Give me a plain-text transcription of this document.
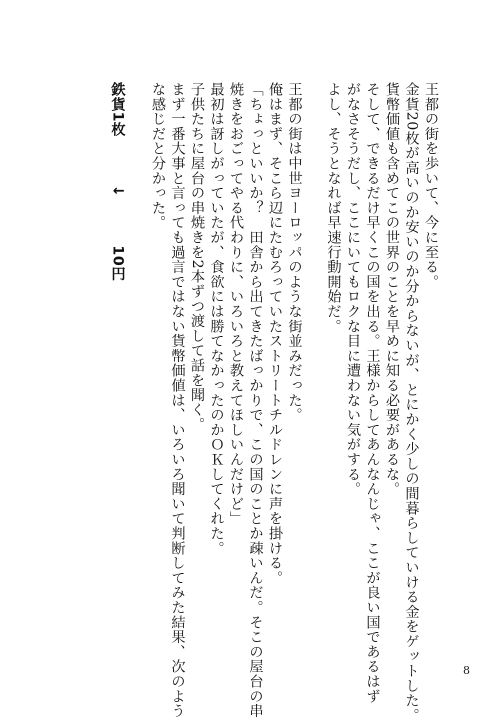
王都の街を歩いて、今に至る。
金貨20枚が高いのか安いのか分からないが、とにかく少しの間暮らしていける金をゲットした。
貨幣価値も含めてこの世界のことを早めに知る必要があるな。
そして、できるだけ早くこの国を出る。王様からしてあんなんじゃ、ここが良い国であるはず
がなさそうだし、ここにいてもロクな目に遭わない気がする。
よし、そうとなれば早速行動開始だ。
王都の街は中世ヨーロッパのような街並みだった。
俺はまず、そこら辺にたむろっていたストリートチルドレンに声を掛ける。
「ちょっといいか？　田舎から出てきたばっかりで、この国のことか疎いんだ。そこの屋台の串
焼きをおごってやる代わりに、いろいろと教えてほしいんだけど」
最初は訝しがっていたが、食欲には勝てなかったのかＯＫしてくれた。
子供たちに屋台の串焼きを2本ずつ渡して話を聞く。
まず一番大事と言っても過言ではない貨幣価値は、いろいろ聞いて判断してみた結果、次のよう
な感じだと分かった。
鉄貨1枚↓10円
8
